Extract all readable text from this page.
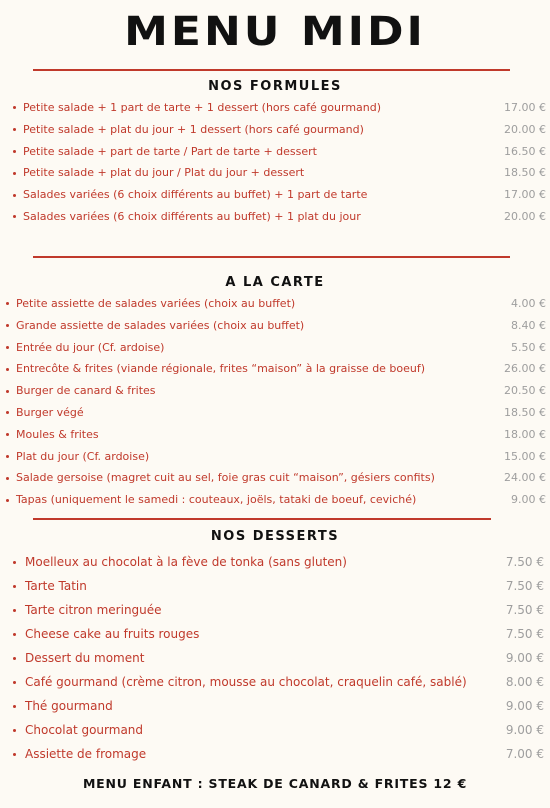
MENU MIDI
NOS FORMULES
Petite salade + 1 part de tarte + 1 dessert (hors café gourmand)	17.00 €
Petite salade + plat du jour + 1 dessert (hors café gourmand)	20.00 €
Petite salade + part de tarte / Part de tarte + dessert	16.50 €
Petite salade + plat du jour / Plat du jour + dessert	18.50 €
Salades variées (6 choix différents au buffet) + 1 part de tarte	17.00 €
Salades variées (6 choix différents au buffet) + 1 plat du jour	20.00 €
A LA CARTE
Petite assiette de salades variées (choix au buffet)	4.00 €
Grande assiette de salades variées (choix au buffet)	8.40 €
Entrée du jour (Cf. ardoise)	5.50 €
Entrecôte & frites (viande régionale, frites “maison” à la graisse de boeuf)	26.00 €
Burger de canard & frites	20.50 €
Burger végé	18.50 €
Moules & frites	18.00 €
Plat du jour (Cf. ardoise)	15.00 €
Salade gersoise (magret cuit au sel, foie gras cuit “maison”, gésiers confits)	24.00 €
Tapas (uniquement le samedi : couteaux, joëls, tataki de boeuf, ceviché)	9.00 €
NOS DESSERTS
Moelleux au chocolat à la fève de tonka (sans gluten)	7.50 €
Tarte Tatin	7.50 €
Tarte citron meringuée	7.50 €
Cheese cake au fruits rouges	7.50 €
Dessert du moment	9.00 €
Café gourmand (crème citron, mousse au chocolat, craquelin café, sablé)	8.00 €
Thé gourmand	9.00 €
Chocolat gourmand	9.00 €
Assiette de fromage	7.00 €
MENU ENFANT : STEAK DE CANARD & FRITES 12 €
